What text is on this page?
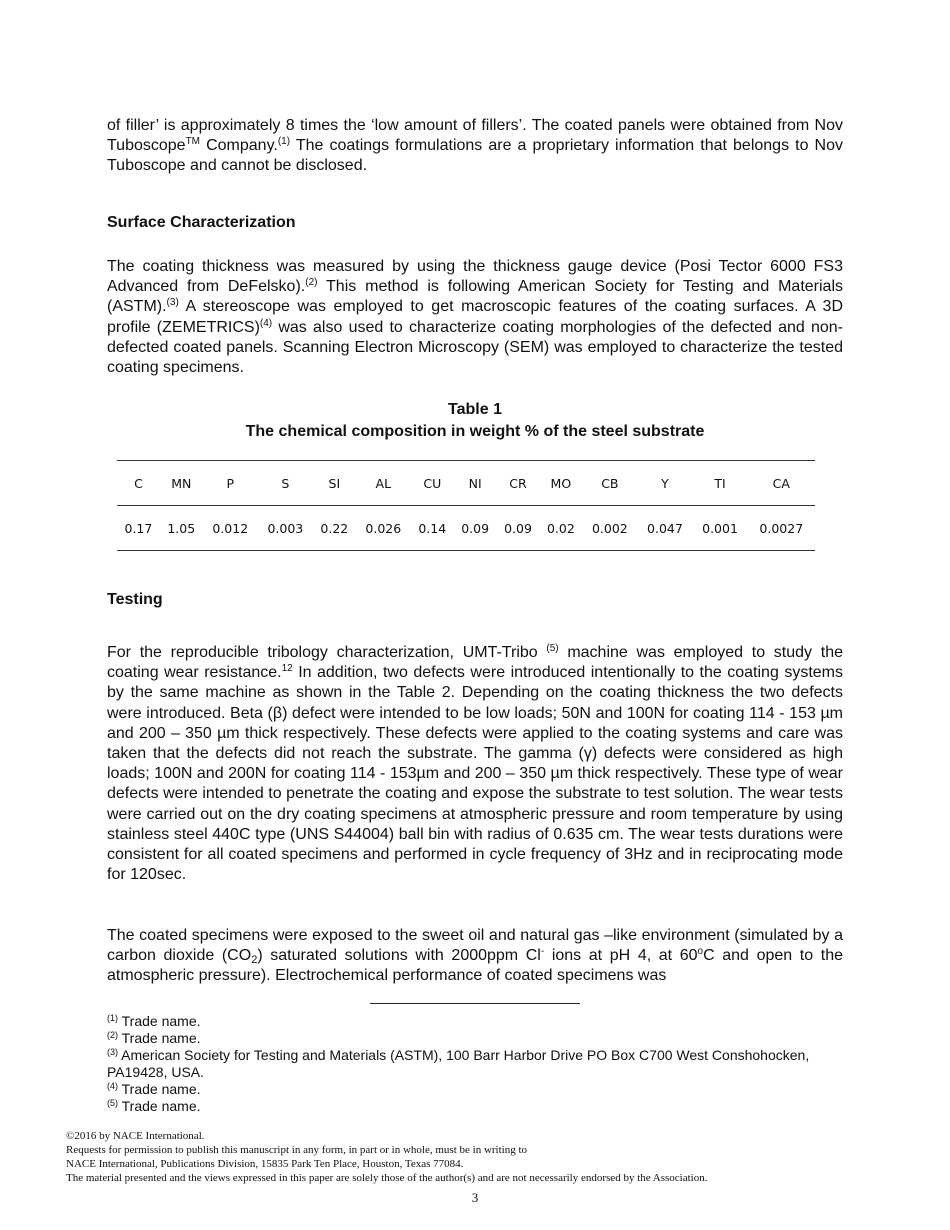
of filler’ is approximately 8 times the ‘low amount of fillers’. The coated panels were obtained from Nov Tuboscope™ Company.$^{(1)}$ The coatings formulations are a proprietary information that belongs to Nov Tuboscope and cannot be disclosed.

Surface Characterization

The coating thickness was measured by using the thickness gauge device (Posi Tector 6000 FS3 Advanced from DeFelsko).$^{(2)}$ This method is following American Society for Testing and Materials (ASTM).$^{(3)}$ A stereoscope was employed to get macroscopic features of the coating surfaces. A 3D profile (ZEMETRICS)$^{(4)}$ was also used to characterize coating morphologies of the defected and non-defected coated panels. Scanning Electron Microscopy (SEM) was employed to characterize the tested coating specimens.

Table 1
The chemical composition in weight % of the steel substrate
C	MN	P	S	SI	AL	CU	NI	CR	MO	CB	Y	TI	CA
0.17	1.05	0.012	0.003	0.22	0.026	0.14	0.09	0.09	0.02	0.002	0.047	0.001	0.0027
Testing

For the reproducible tribology characterization, UMT-Tribo $^{(5)}$ machine was employed to study the coating wear resistance.$^{12}$ In addition, two defects were introduced intentionally to the coating systems by the same machine as shown in the Table 2. Depending on the coating thickness the two defects were introduced. Beta (β) defect were intended to be low loads; 50N and 100N for coating 114 - 153 µm and 200 – 350 µm thick respectively. These defects were applied to the coating systems and care was taken that the defects did not reach the substrate. The gamma (γ) defects were considered as high loads; 100N and 200N for coating 114 - 153µm and 200 – 350 µm thick respectively. These type of wear defects were intended to penetrate the coating and expose the substrate to test solution. The wear tests were carried out on the dry coating specimens at atmospheric pressure and room temperature by using stainless steel 440C type (UNS S44004) ball bin with radius of 0.635 cm. The wear tests durations were consistent for all coated specimens and performed in cycle frequency of 3Hz and in reciprocating mode for 120sec.

The coated specimens were exposed to the sweet oil and natural gas –like environment (simulated by a carbon dioxide $(CO_2)$ saturated solutions with 2000ppm Cl- ions at pH 4, at 60$^o$C and open to the atmospheric pressure). Electrochemical performance of coated specimens was

$^{(1)}$ Trade name.

$^{(2)}$ Trade name.

$^{(3)}$ American Society for Testing and Materials (ASTM), 100 Barr Harbor Drive PO Box C700 West Conshohocken, PA19428, USA.

$^{(4)}$ Trade name.

$^{(5)}$ Trade name.

©2016 by NACE International.
Requests for permission to publish this manuscript in any form, in part or in whole, must be in writing to
NACE International, Publications Division, 15835 Park Ten Place, Houston, Texas 77084.
The material presented and the views expressed in this paper are solely those of the author(s) and are not necessarily endorsed by the Association.
3
